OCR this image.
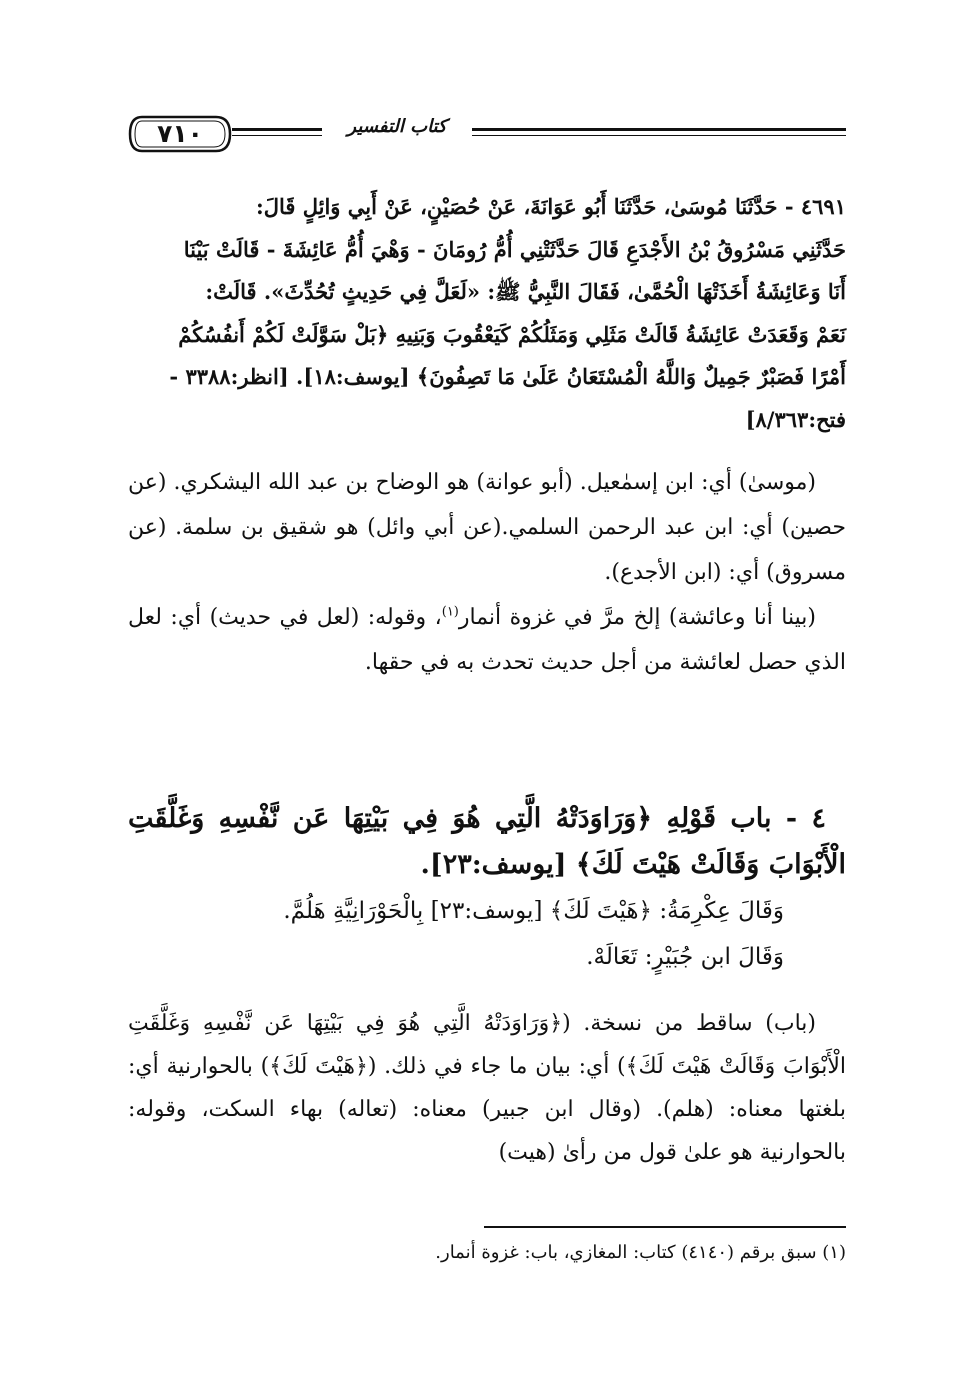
٧١٠	كتاب التفسير
٤٦٩١ - حَدَّثَنَا مُوسَىٰ، حَدَّثَنَا أَبُو عَوَانَةَ، عَنْ حُصَيْنٍ، عَنْ أَبِي وَائِلٍ قَالَ:
حَدَّثَنِي مَسْرُوقُ بْنُ الأَجْدَعِ قَالَ حَدَّثَتْنِي أُمُّ رُومَانَ - وَهْيَ أُمُّ عَائِشَةَ - قَالَتْ بَيْنَا
أَنَا وَعَائِشَةُ أَخَذَتْهَا الْحُمَّىٰ، فَقَالَ النَّبِيُّ ﷺ: «لَعَلَّ فِي حَدِيثٍ تُحُدِّثَ». قَالَتْ:
نَعَمْ وَقَعَدَتْ عَائِشَةُ قَالَتْ مَثَلِي وَمَثَلُكُمْ كَيَعْقُوبَ وَبَنِيهِ ﴿بَلْ سَوَّلَتْ لَكُمْ أَنفُسُكُمْ
أَمْرًا فَصَبْرٌ جَمِيلٌ وَاللَّهُ الْمُسْتَعَانُ عَلَىٰ مَا تَصِفُونَ﴾ [يوسف:١٨]. [انظر:٣٣٨٨ -
فتح:٨/٣٦٣]

(موسىٰ) أي: ابن إسمٰعيل. (أبو عوانة) هو الوضاح بن عبد الله اليشكري. (عن حصين) أي: ابن عبد الرحمن السلمي.(عن أبي وائل) هو شقيق بن سلمة. (عن مسروق) أي: (ابن الأجدع).

(بينا أنا وعائشة) إلخ مرَّ في غزوة أنمار$^{(١)}$، وقوله: (لعل في حديث) أي: لعل الذي حصل لعائشة من أجل حديث تحدث به في حقها.

٤ - باب قَوْلِهِ ﴿وَرَاوَدَتْهُ الَّتِي هُوَ فِي بَيْتِهَا عَن نَّفْسِهِ وَغَلَّقَتِ الْأَبْوَابَ وَقَالَتْ هَيْتَ لَكَ﴾ [يوسف:٢٣].

وَقَالَ عِكْرِمَةُ: ﴿هَيْتَ لَكَ﴾ [يوسف:٢٣] بِالْحَوْرَانِيَّةِ هَلُمَّ.

وَقَالَ ابن جُبَيْرٍ: تَعَالَهْ.

(باب) ساقط من نسخة. (﴿وَرَاوَدَتْهُ الَّتِي هُوَ فِي بَيْتِهَا عَن نَّفْسِهِ وَغَلَّقَتِ الْأَبْوَابَ وَقَالَتْ هَيْتَ لَكَ﴾) أي: بيان ما جاء في ذلك. (﴿هَيْتَ لَكَ﴾) بالحوارنية أي: بلغتها معناه: (هلم). (وقال ابن جبير) معناه: (تعاله) بهاء السكت، وقوله: بالحوارنية هو علىٰ قول من رأىٰ (هيت)

(١) سبق برقم (٤١٤٠) كتاب: المغازي، باب: غزوة أنمار.
